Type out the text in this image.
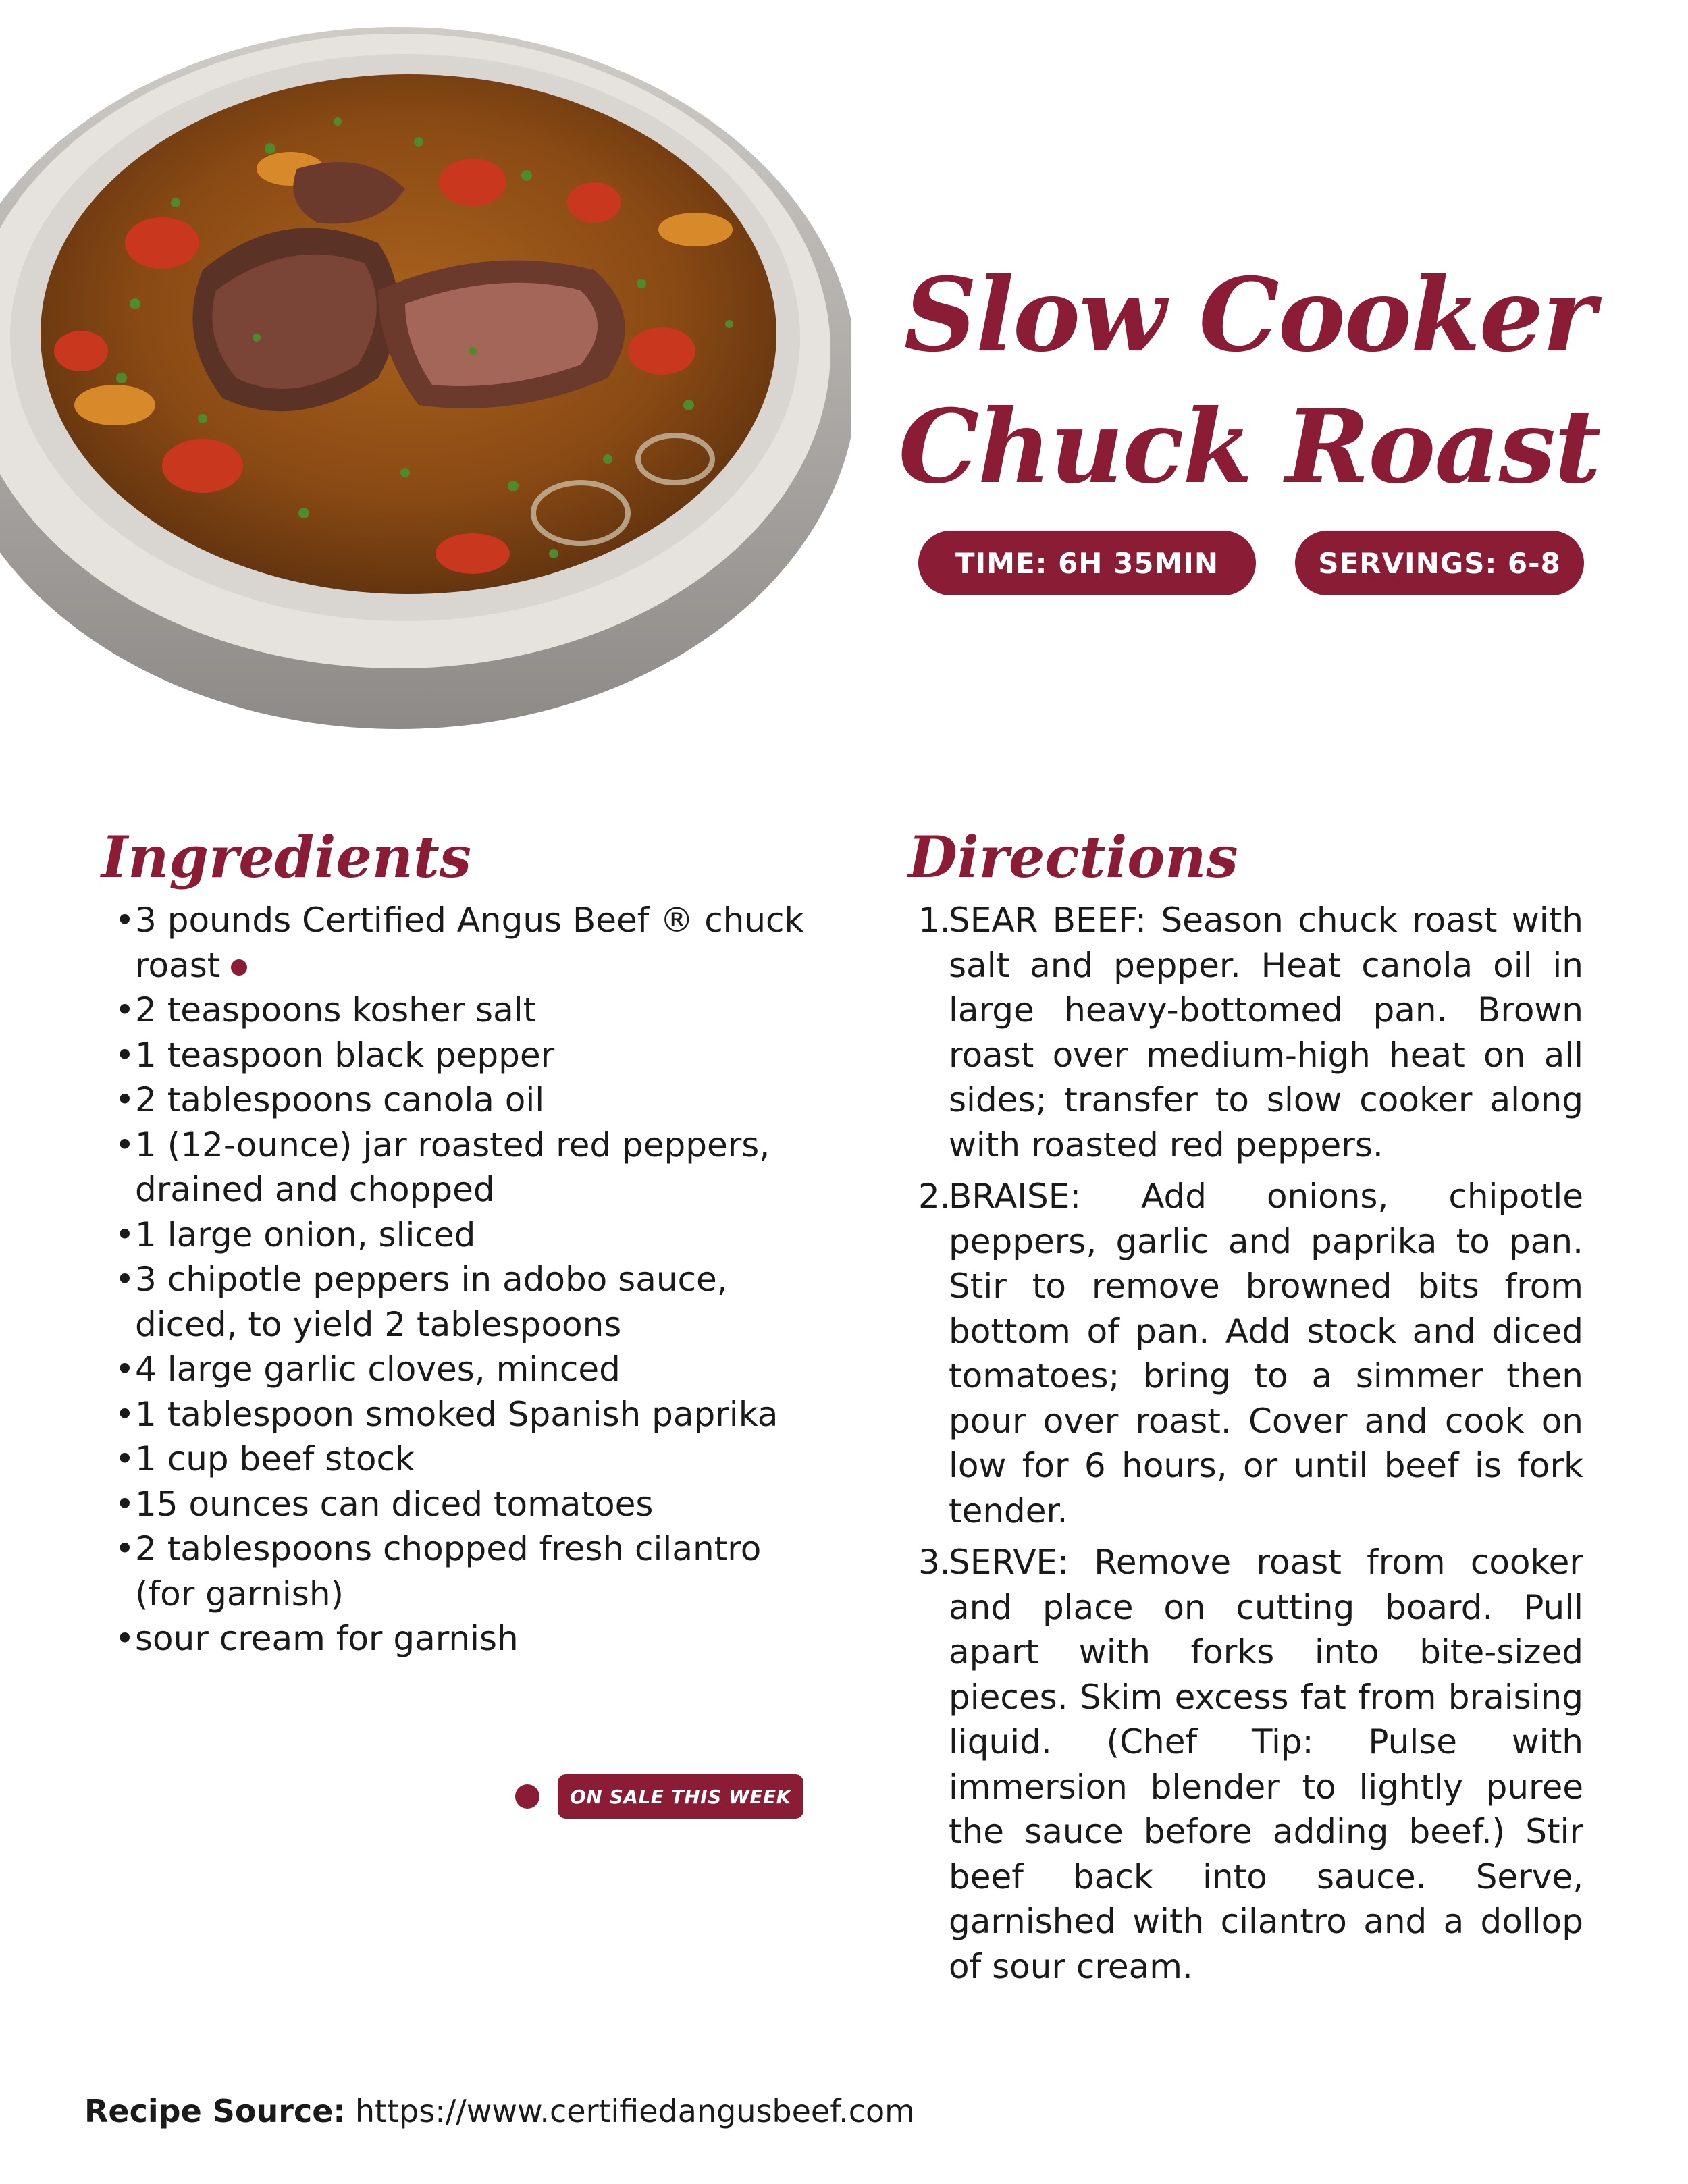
Slow Cooker
Chuck Roast
TIME: 6H 35MIN	SERVINGS: 6-8
Ingredients
• 3 pounds Certified Angus Beef ® chuck roast
• 2 teaspoons kosher salt
• 1 teaspoon black pepper
• 2 tablespoons canola oil
• 1 (12-ounce) jar roasted red peppers, drained and chopped
• 1 large onion, sliced
• 3 chipotle peppers in adobo sauce, diced, to yield 2 tablespoons
• 4 large garlic cloves, minced
• 1 tablespoon smoked Spanish paprika
• 1 cup beef stock
• 15 ounces can diced tomatoes
• 2 tablespoons chopped fresh cilantro (for garnish)
• sour cream for garnish
ON SALE THIS WEEK
Directions
1.
SEAR BEEF: Season chuck roast with salt and pepper. Heat canola oil in large heavy-bottomed pan. Brown roast over medium-high heat on all sides; transfer to slow cooker along with roasted red peppers.
2.
BRAISE: Add onions, chipotle peppers, garlic and paprika to pan. Stir to remove browned bits from bottom of pan. Add stock and diced tomatoes; bring to a simmer then pour over roast. Cover and cook on low for 6 hours, or until beef is fork tender.
3.
SERVE: Remove roast from cooker and place on cutting board. Pull apart with forks into bite-sized pieces. Skim excess fat from braising liquid. (Chef Tip: Pulse with immersion blender to lightly puree the sauce before adding beef.) Stir beef back into sauce. Serve, garnished with cilantro and a dollop of sour cream.
Recipe Source: https://www.certifiedangusbeef.com
